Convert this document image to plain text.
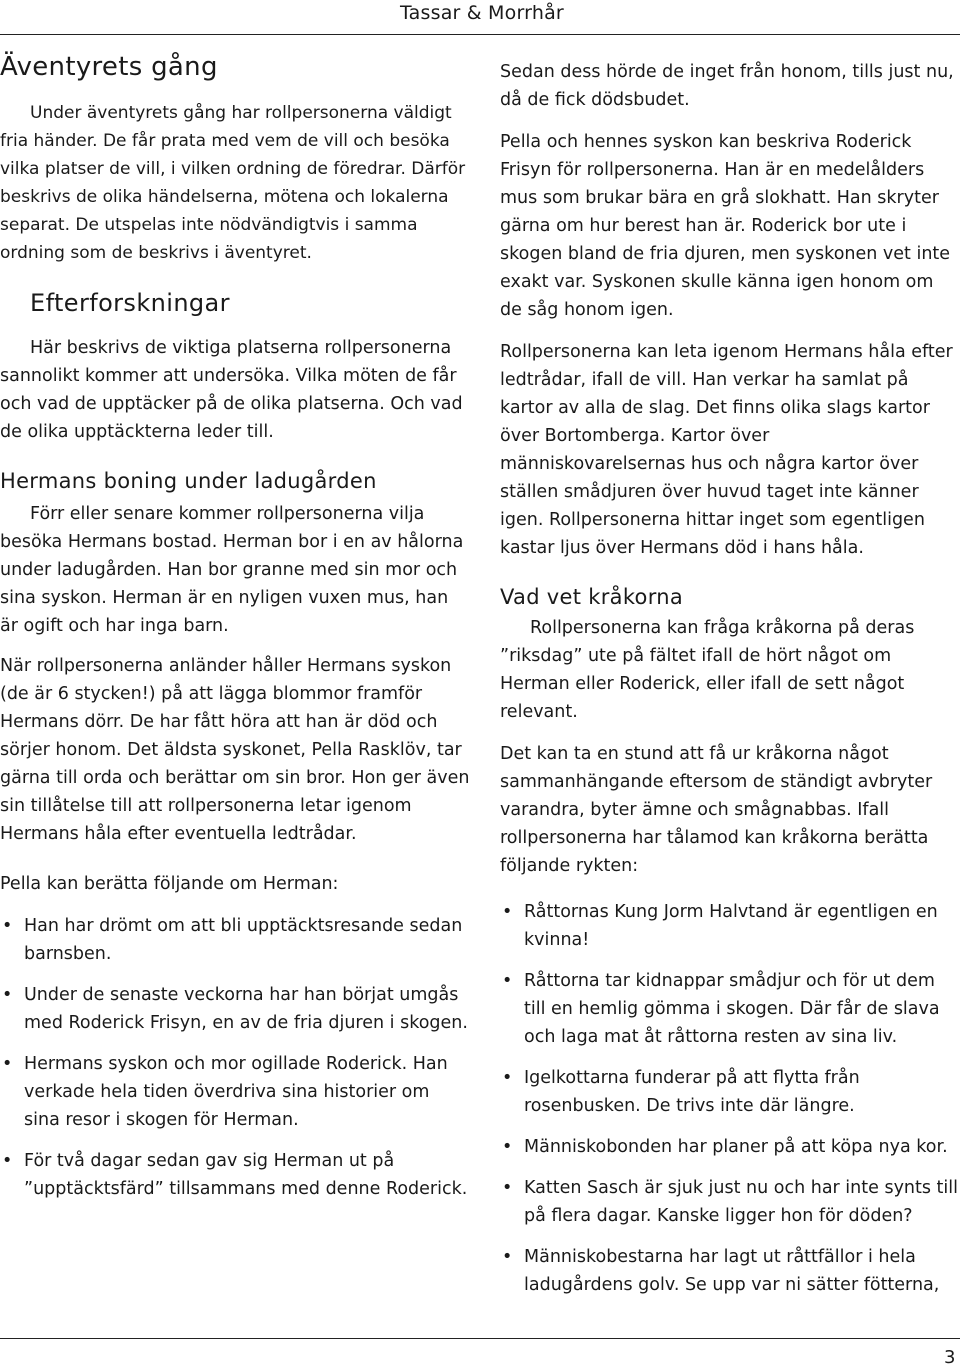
Tassar & Morrhår
Äventyrets gång

Under äventyrets gång har rollpersonerna väldigt fria händer. De får prata med vem de vill och besöka vilka platser de vill, i vilken ordning de föredrar. Därför beskrivs de olika händelserna, mötena och lokalerna separat. De utspelas inte nödvändigtvis i samma ordning som de beskrivs i äventyret.

Efterforskningar

Här beskrivs de viktiga platserna rollpersonerna sannolikt kommer att undersöka. Vilka möten de får och vad de upptäcker på de olika platserna. Och vad de olika upptäckterna leder till.

Hermans boning under ladugården

Förr eller senare kommer rollpersonerna vilja besöka Hermans bostad. Herman bor i en av hålorna under ladugården. Han bor granne med sin mor och sina syskon. Herman är en nyligen vuxen mus, han är ogift och har inga barn.

När rollpersonerna anländer håller Hermans syskon (de är 6 stycken!) på att lägga blommor framför Hermans dörr. De har fått höra att han är död och sörjer honom. Det äldsta syskonet, Pella Rasklöv, tar gärna till orda och berättar om sin bror. Hon ger även sin tillåtelse till att rollpersonerna letar igenom Hermans håla efter eventuella ledtrådar.

Pella kan berätta följande om Herman:

• Han har drömt om att bli upptäcktsresande sedan barnsben.
• Under de senaste veckorna har han börjat umgås med Roderick Frisyn, en av de fria djuren i skogen.
• Hermans syskon och mor ogillade Roderick. Han verkade hela tiden överdriva sina historier om sina resor i skogen för Herman.
• För två dagar sedan gav sig Herman ut på ”upptäcktsfärd” tillsammans med denne Roderick.

Sedan dess hörde de inget från honom, tills just nu, då de fick dödsbudet.

Pella och hennes syskon kan beskriva Roderick Frisyn för rollpersonerna. Han är en medelålders mus som brukar bära en grå slokhatt. Han skryter gärna om hur berest han är. Roderick bor ute i skogen bland de fria djuren, men syskonen vet inte exakt var. Syskonen skulle känna igen honom om de såg honom igen.

Rollpersonerna kan leta igenom Hermans håla efter ledtrådar, ifall de vill. Han verkar ha samlat på kartor av alla de slag. Det finns olika slags kartor över Bortomberga. Kartor över människovarelsernas hus och några kartor över ställen smådjuren över huvud taget inte känner igen. Rollpersonerna hittar inget som egentligen kastar ljus över Hermans död i hans håla.

Vad vet kråkorna

Rollpersonerna kan fråga kråkorna på deras ”riksdag” ute på fältet ifall de hört något om Herman eller Roderick, eller ifall de sett något relevant.

Det kan ta en stund att få ur kråkorna något sammanhängande eftersom de ständigt avbryter varandra, byter ämne och smågnabbas. Ifall rollpersonerna har tålamod kan kråkorna berätta följande rykten:

• Råttornas Kung Jorm Halvtand är egentligen en kvinna!
• Råttorna tar kidnappar smådjur och för ut dem till en hemlig gömma i skogen. Där får de slava och laga mat åt råttorna resten av sina liv.
• Igelkottarna funderar på att flytta från rosenbusken. De trivs inte där längre.
• Människobonden har planer på att köpa nya kor.
• Katten Sasch är sjuk just nu och har inte synts till på flera dagar. Kanske ligger hon för döden?
• Människobestarna har lagt ut råttfällor i hela ladugårdens golv. Se upp var ni sätter fötterna,
3
